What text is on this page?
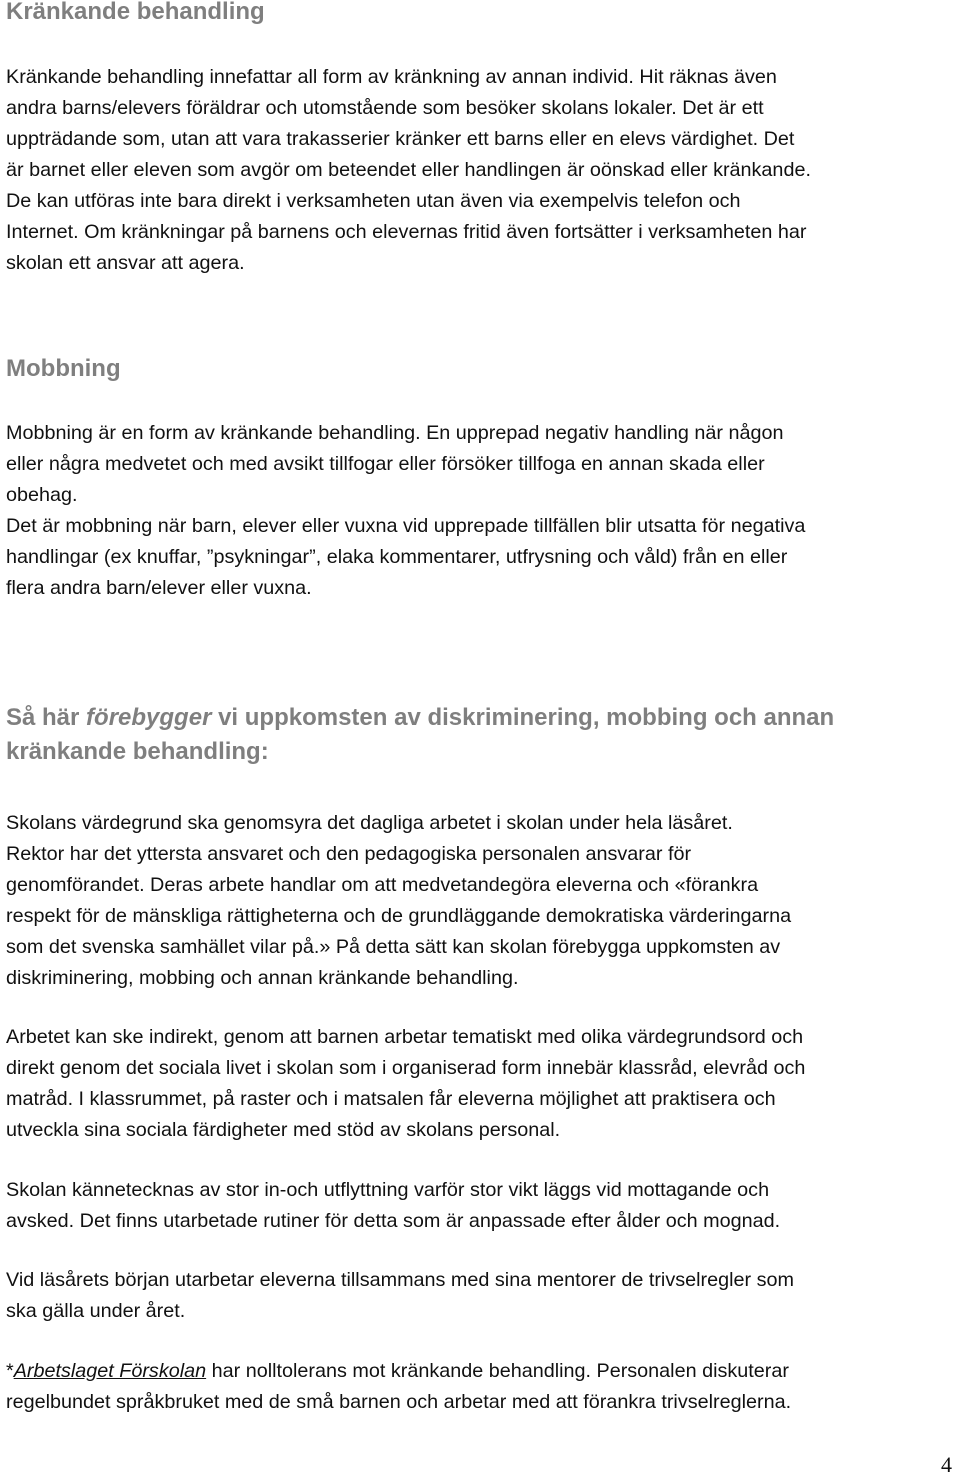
Kränkande behandling

Kränkande behandling innefattar all form av kränkning av annan individ. Hit räknas även
andra barns/elevers föräldrar och utomstående som besöker skolans lokaler. Det är ett
uppträdande som, utan att vara trakasserier kränker ett barns eller en elevs värdighet. Det
är barnet eller eleven som avgör om beteendet eller handlingen är oönskad eller kränkande.
De kan utföras inte bara direkt i verksamheten utan även via exempelvis telefon och
Internet. Om kränkningar på barnens och elevernas fritid även fortsätter i verksamheten har
skolan ett ansvar att agera.

Mobbning

Mobbning är en form av kränkande behandling. En upprepad negativ handling när någon
eller några medvetet och med avsikt tillfogar eller försöker tillfoga en annan skada eller
obehag.
Det är mobbning när barn, elever eller vuxna vid upprepade tillfällen blir utsatta för negativa
handlingar (ex knuffar, ”psykningar”, elaka kommentarer, utfrysning och våld) från en eller
flera andra barn/elever eller vuxna.

Så här förebygger vi uppkomsten av diskriminering, mobbing och annan
kränkande behandling:

Skolans värdegrund ska genomsyra det dagliga arbetet i skolan under hela läsåret.
Rektor har det yttersta ansvaret och den pedagogiska personalen ansvarar för
genomförandet. Deras arbete handlar om att medvetandegöra eleverna och «förankra
respekt för de mänskliga rättigheterna och de grundläggande demokratiska värderingarna
som det svenska samhället vilar på.» På detta sätt kan skolan förebygga uppkomsten av
diskriminering, mobbing och annan kränkande behandling.

Arbetet kan ske indirekt, genom att barnen arbetar tematiskt med olika värdegrundsord och
direkt genom det sociala livet i skolan som i organiserad form innebär klassråd, elevråd och
matråd. I klassrummet, på raster och i matsalen får eleverna möjlighet att praktisera och
utveckla sina sociala färdigheter med stöd av skolans personal.

Skolan kännetecknas av stor in-och utflyttning varför stor vikt läggs vid mottagande och
avsked. Det finns utarbetade rutiner för detta som är anpassade efter ålder och mognad.

Vid läsårets början utarbetar eleverna tillsammans med sina mentorer de trivselregler som
ska gälla under året.

*Arbetslaget Förskolan har nolltolerans mot kränkande behandling. Personalen diskuterar
regelbundet språkbruket med de små barnen och arbetar med att förankra trivselreglerna.

4
